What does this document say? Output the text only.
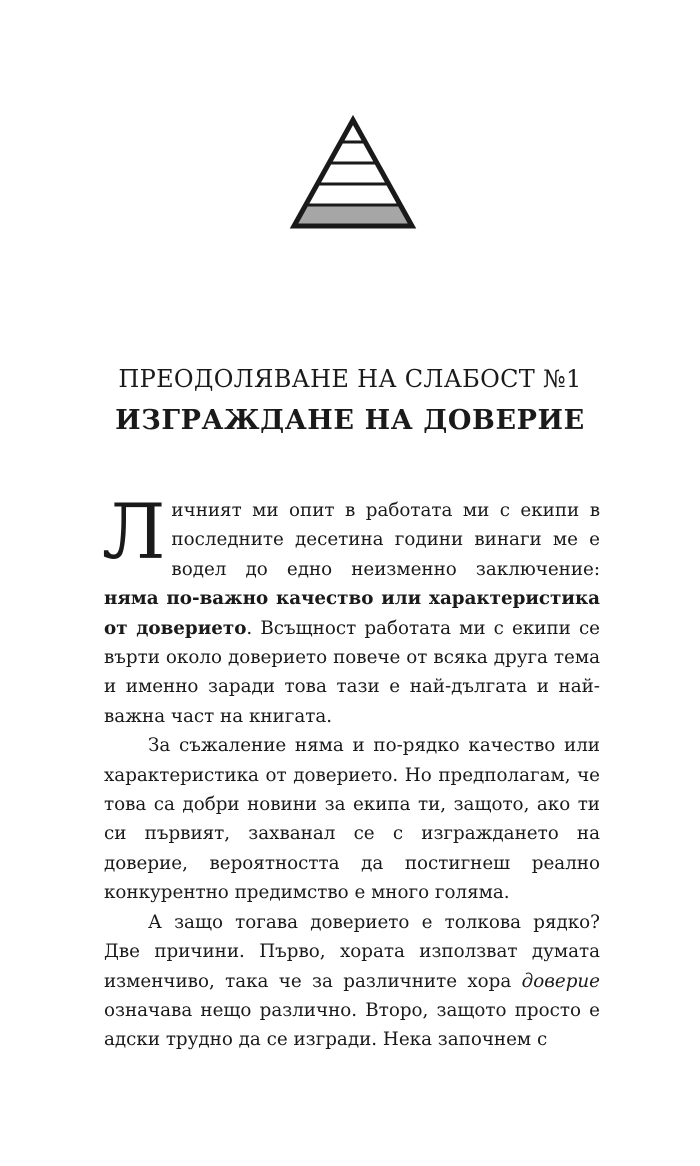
ПРЕОДОЛЯВАНЕ НА СЛАБОСТ №1
ИЗГРАЖДАНЕ НА ДОВЕРИЕ

Личният ми опит в работата ми с екипи в последните десетина години винаги ме е водел до едно неизменно заключение: няма по-важно качество или характеристика от доверието. Всъщност работата ми с екипи се върти около доверието повече от всяка друга тема и именно заради това тази е най-дългата и най-важна част на книгата.

За съжаление няма и по-рядко качество или характеристика от доверието. Но предполагам, че това са добри новини за екипа ти, защото, ако ти си първият, захванал се с изграждането на доверие, вероятността да постигнеш реално конкурентно предимство е много голяма.

А защо тогава доверието е толкова рядко? Две причини. Първо, хората използват думата изменчиво, така че за различните хора доверие означава нещо различно. Второ, защото просто е адски трудно да се изгради. Нека започнем с
